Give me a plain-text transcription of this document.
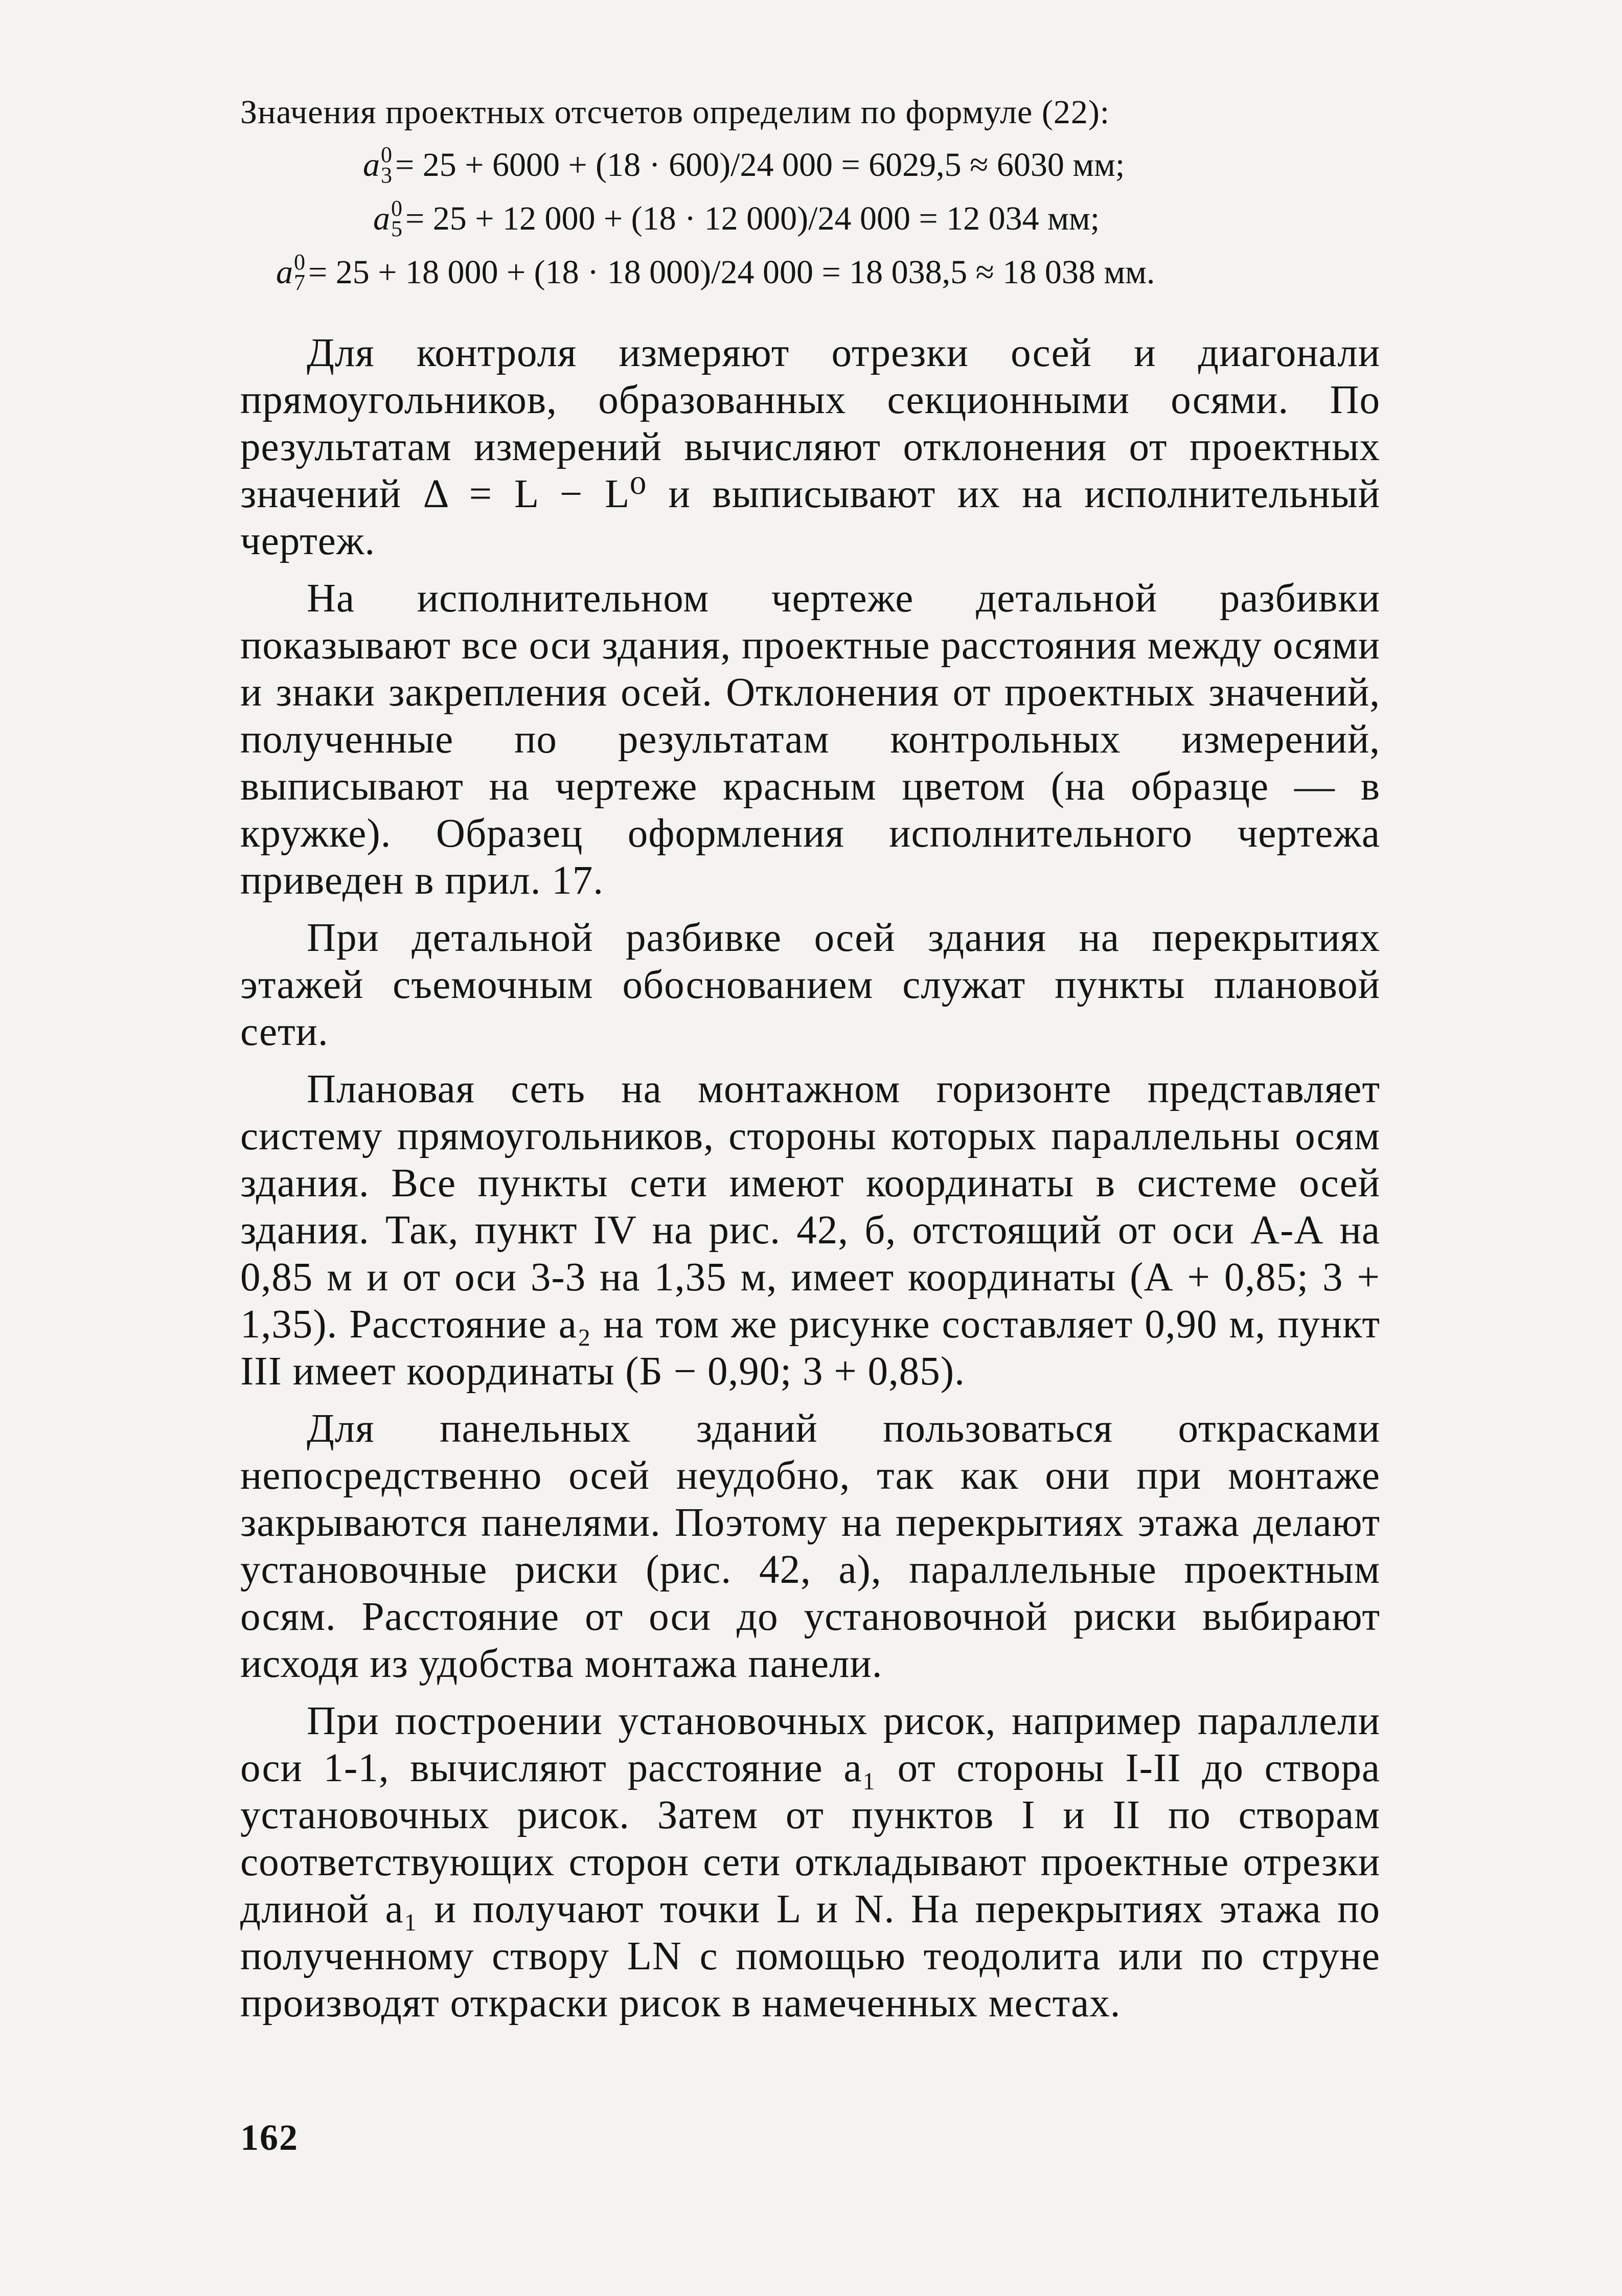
Значения проектных отсчетов определим по формуле (22):

a 0
3 = 25 + 6000 + (18 · 600)/24 000 = 6029,5 ≈ 6030 мм;
a 0
5 = 25 + 12 000 + (18 · 12 000)/24 000 = 12 034 мм;
a 0
7 = 25 + 18 000 + (18 · 18 000)/24 000 = 18 038,5 ≈ 18 038 мм.

Для контроля измеряют отрезки осей и диагонали прямоугольников, образованных секционными осями. По результатам измерений вычисляют отклонения от проектных значений Δ = L − L⁰ и выписывают их на исполнительный чертеж.

На исполнительном чертеже детальной разбивки показывают все оси здания, проектные расстояния между осями и знаки закрепления осей. Отклонения от проектных значений, полученные по результатам контрольных измерений, выписывают на чертеже красным цветом (на образце — в кружке). Образец оформления исполнительного чертежа приведен в прил. 17.

При детальной разбивке осей здания на перекрытиях этажей съемочным обоснованием служат пункты плановой сети.

Плановая сеть на монтажном горизонте представляет систему прямоугольников, стороны которых параллельны осям здания. Все пункты сети имеют координаты в системе осей здания. Так, пункт IV на рис. 42, б, отстоящий от оси А-А на 0,85 м и от оси 3-3 на 1,35 м, имеет координаты (А + 0,85; 3 + 1,35). Расстояние a₂ на том же рисунке составляет 0,90 м, пункт III имеет координаты (Б − 0,90; 3 + 0,85).

Для панельных зданий пользоваться открасками непосредственно осей неудобно, так как они при монтаже закрываются панелями. Поэтому на перекрытиях этажа делают установочные риски (рис. 42, а), параллельные проектным осям. Расстояние от оси до установочной риски выбирают исходя из удобства монтажа панели.

При построении установочных рисок, например параллели оси 1-1, вычисляют расстояние a₁ от стороны I-II до створа установочных рисок. Затем от пунктов I и II по створам соответствующих сторон сети откладывают проектные отрезки длиной a₁ и получают точки L и N. На перекрытиях этажа по полученному створу LN с помощью теодолита или по струне производят откраски рисок в намеченных местах.

162
